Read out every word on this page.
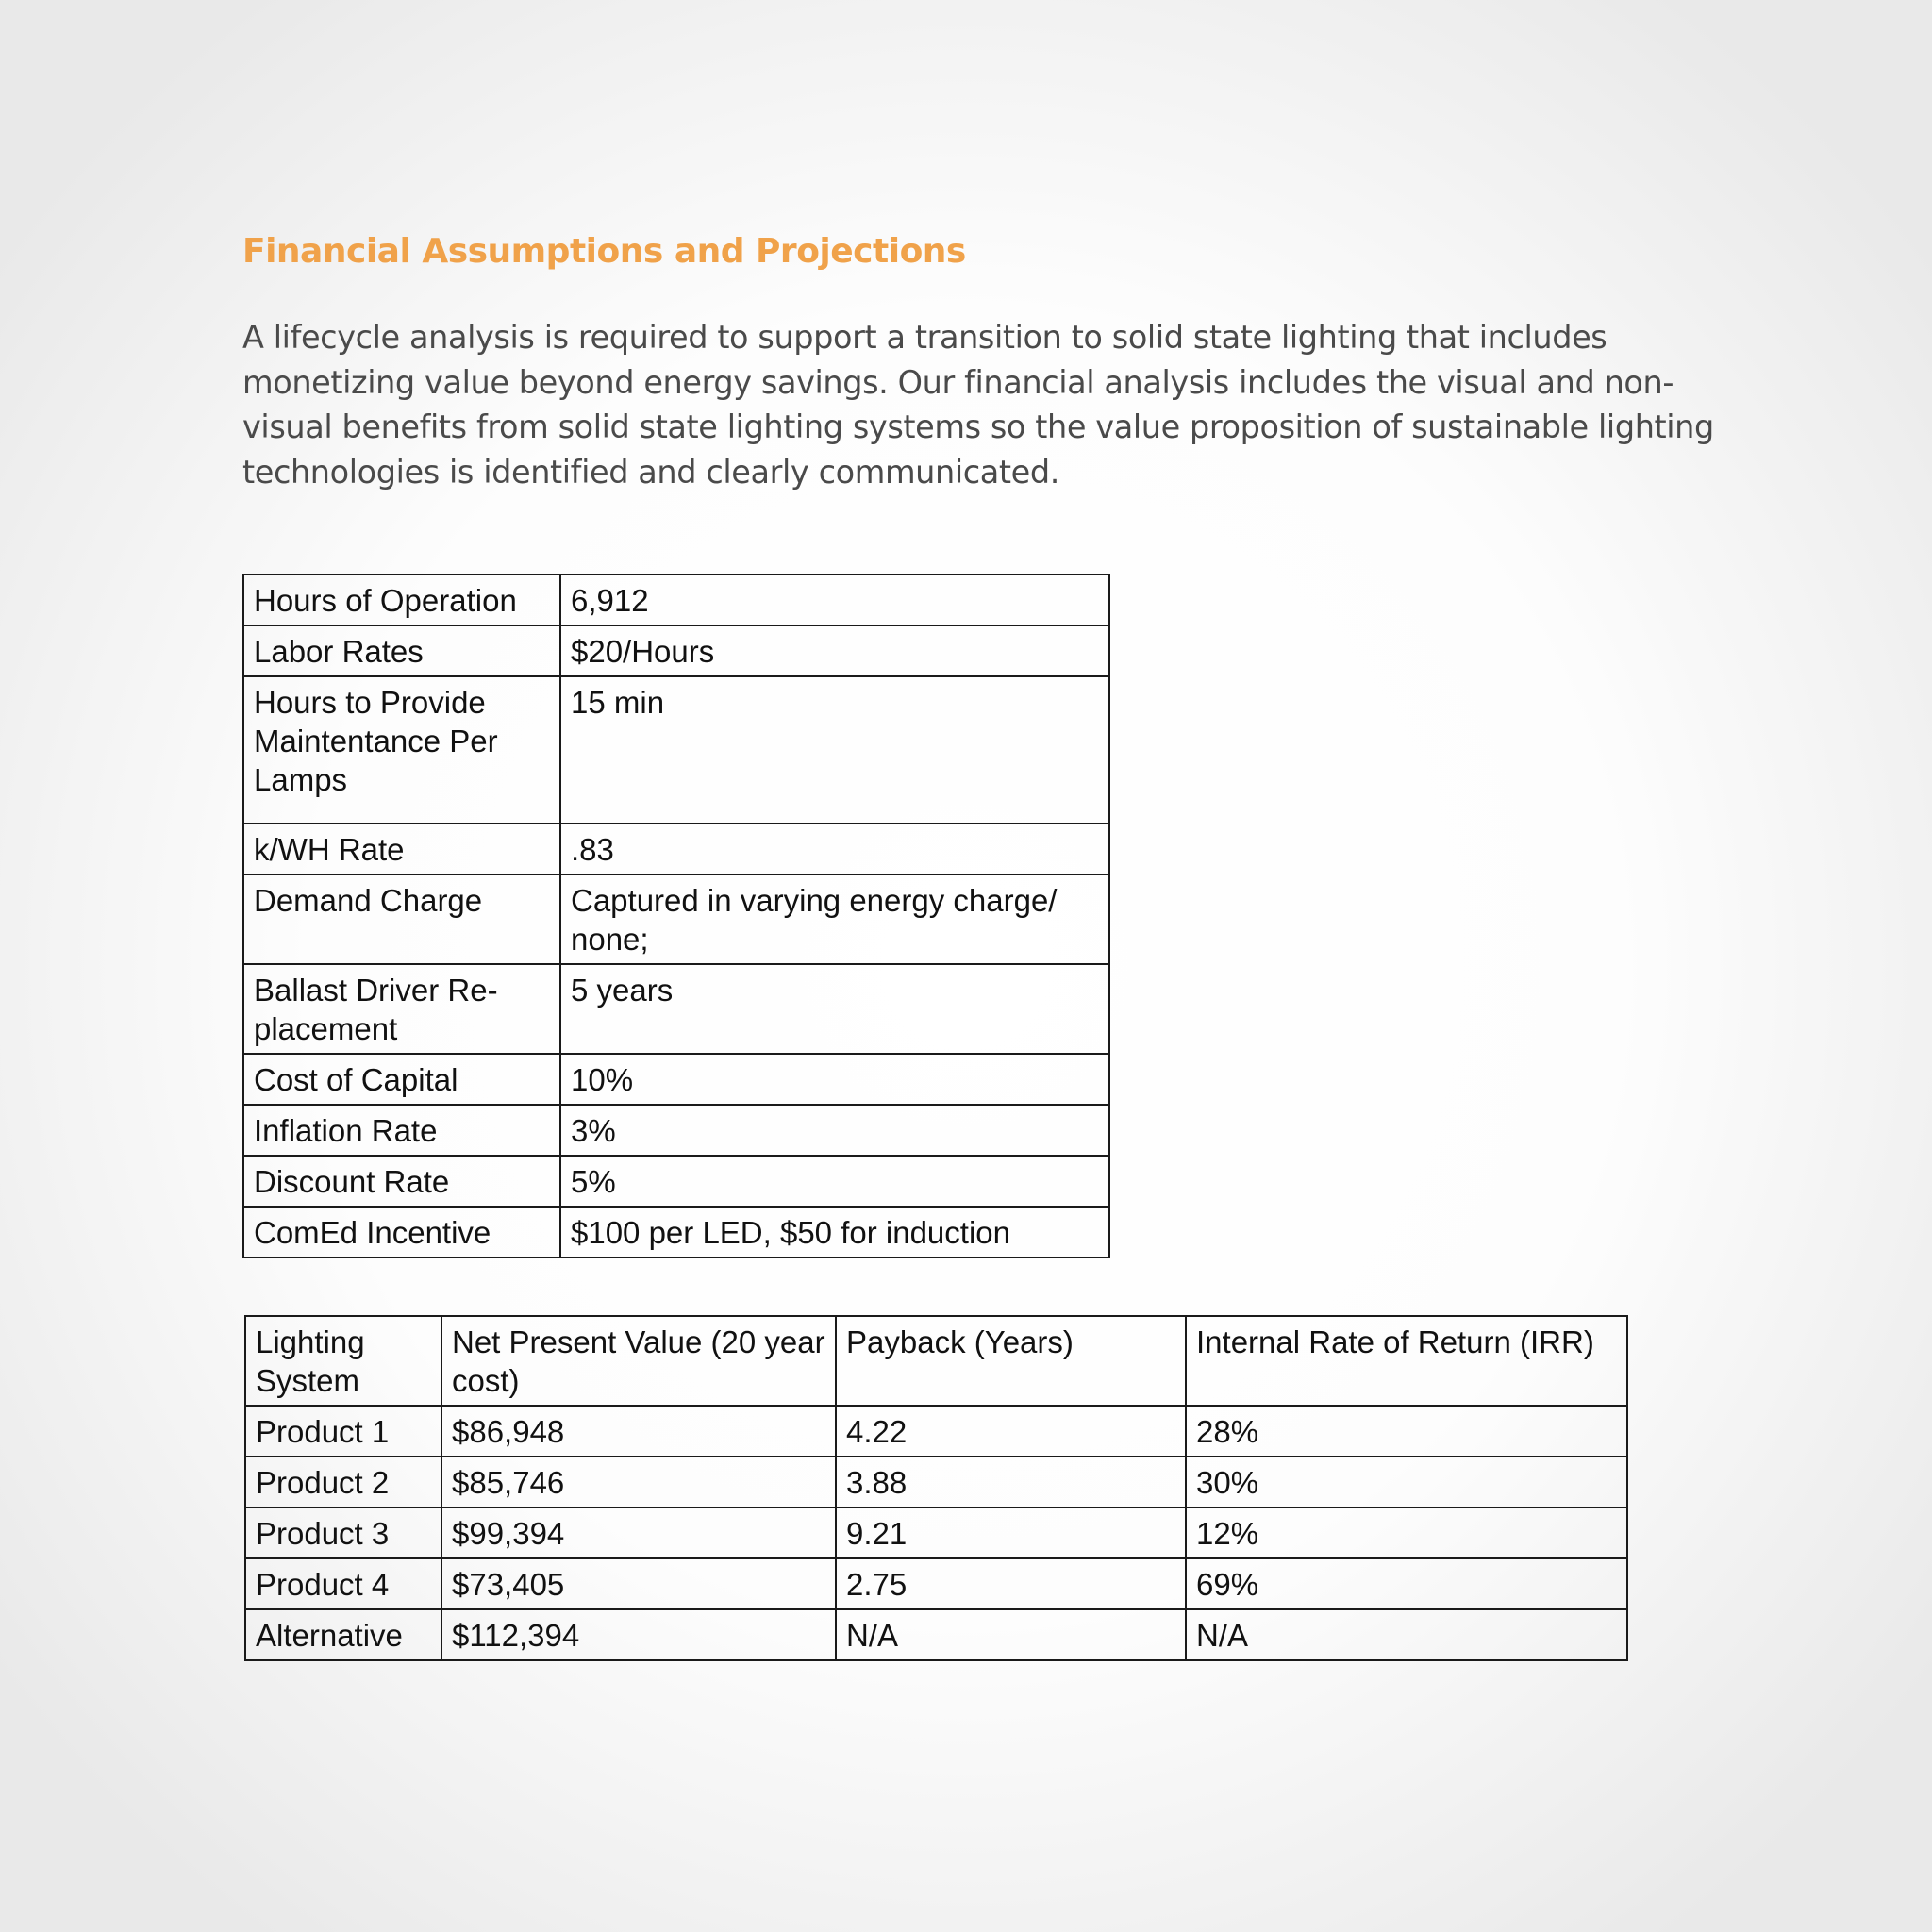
Financial Assumptions and Projections

A lifecycle analysis is required to support a transition to solid state lighting that includes monetizing value beyond energy savings. Our financial analysis includes the visual and non-visual benefits from solid state lighting systems so the value proposition of sustainable lighting technologies is identified and clearly communicated.

Hours of Operation	6,912
Labor Rates	$20/Hours
Hours to Provide Maintentance Per Lamps	15 min
k/WH Rate	.83
Demand Charge	Captured in varying energy charge/ none;
Ballast Driver Re-placement	5 years
Cost of Capital	10%
Inflation Rate	3%
Discount Rate	5%
ComEd Incentive	$100 per LED, $50 for induction
Lighting System	Net Present Value (20 year cost)	Payback (Years)	Internal Rate of Return (IRR)
Product 1	$86,948	4.22	28%
Product 2	$85,746	3.88	30%
Product 3	$99,394	9.21	12%
Product 4	$73,405	2.75	69%
Alternative	$112,394	N/A	N/A
